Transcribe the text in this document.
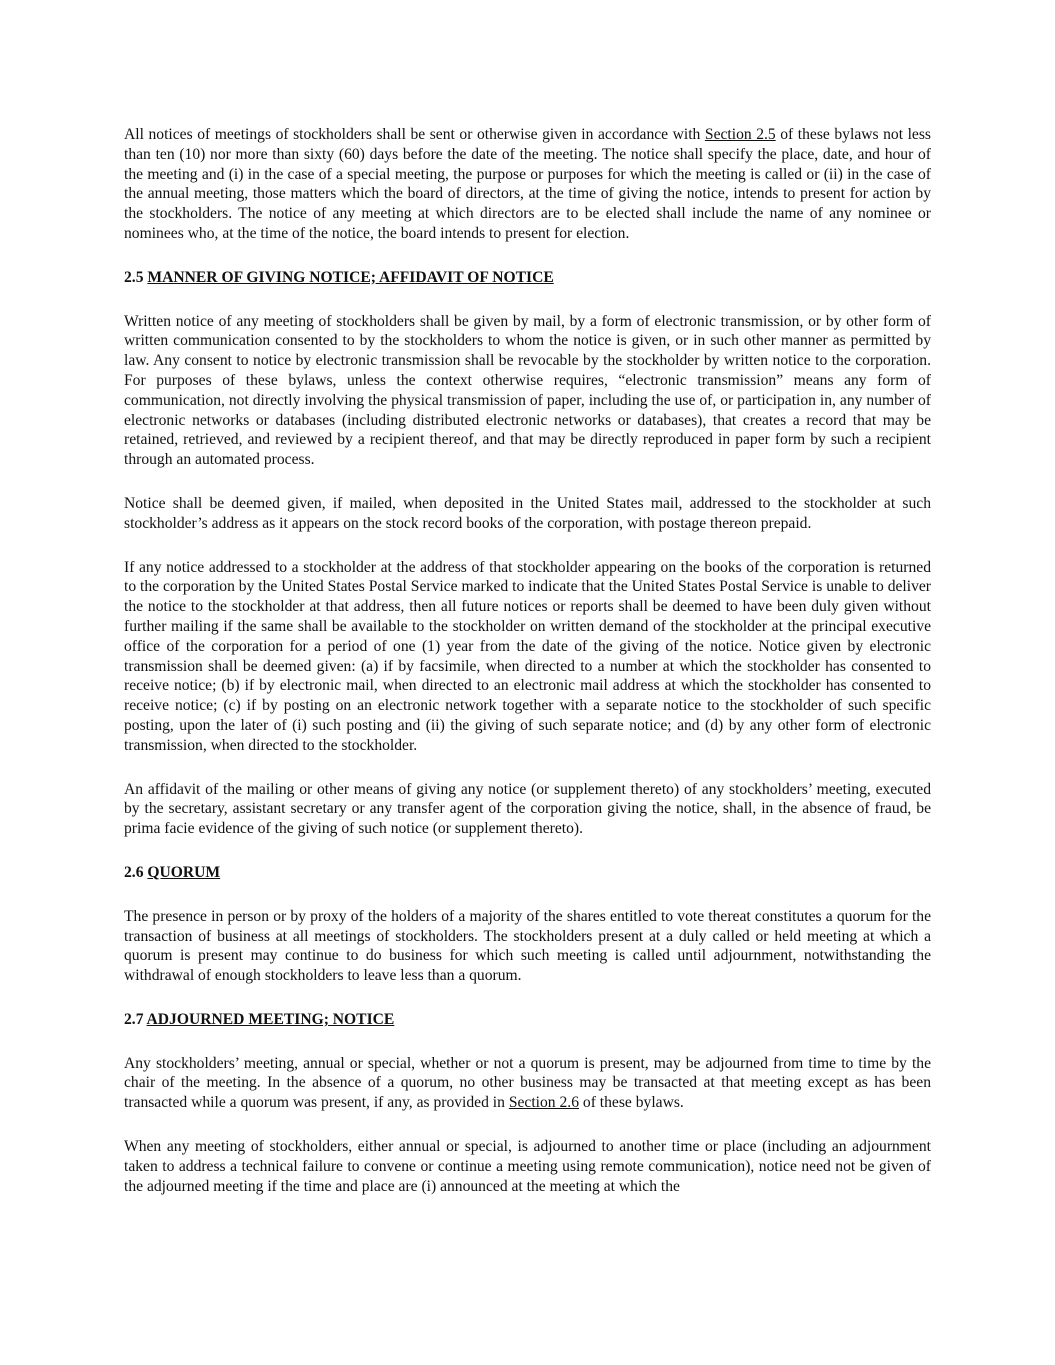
All notices of meetings of stockholders shall be sent or otherwise given in accordance with Section 2.5 of these bylaws not less than ten (10) nor more than sixty (60) days before the date of the meeting. The notice shall specify the place, date, and hour of the meeting and (i) in the case of a special meeting, the purpose or purposes for which the meeting is called or (ii) in the case of the annual meeting, those matters which the board of directors, at the time of giving the notice, intends to present for action by the stockholders. The notice of any meeting at which directors are to be elected shall include the name of any nominee or nominees who, at the time of the notice, the board intends to present for election.

2.5 MANNER OF GIVING NOTICE; AFFIDAVIT OF NOTICE

Written notice of any meeting of stockholders shall be given by mail, by a form of electronic transmission, or by other form of written communication consented to by the stockholders to whom the notice is given, or in such other manner as permitted by law. Any consent to notice by electronic transmission shall be revocable by the stockholder by written notice to the corporation. For purposes of these bylaws, unless the context otherwise requires, “electronic transmission” means any form of communication, not directly involving the physical transmission of paper, including the use of, or participation in, any number of electronic networks or databases (including distributed electronic networks or databases), that creates a record that may be retained, retrieved, and reviewed by a recipient thereof, and that may be directly reproduced in paper form by such a recipient through an automated process.

Notice shall be deemed given, if mailed, when deposited in the United States mail, addressed to the stockholder at such stockholder’s address as it appears on the stock record books of the corporation, with postage thereon prepaid.

If any notice addressed to a stockholder at the address of that stockholder appearing on the books of the corporation is returned to the corporation by the United States Postal Service marked to indicate that the United States Postal Service is unable to deliver the notice to the stockholder at that address, then all future notices or reports shall be deemed to have been duly given without further mailing if the same shall be available to the stockholder on written demand of the stockholder at the principal executive office of the corporation for a period of one (1) year from the date of the giving of the notice. Notice given by electronic transmission shall be deemed given: (a) if by facsimile, when directed to a number at which the stockholder has consented to receive notice; (b) if by electronic mail, when directed to an electronic mail address at which the stockholder has consented to receive notice; (c) if by posting on an electronic network together with a separate notice to the stockholder of such specific posting, upon the later of (i) such posting and (ii) the giving of such separate notice; and (d) by any other form of electronic transmission, when directed to the stockholder.

An affidavit of the mailing or other means of giving any notice (or supplement thereto) of any stockholders’ meeting, executed by the secretary, assistant secretary or any transfer agent of the corporation giving the notice, shall, in the absence of fraud, be prima facie evidence of the giving of such notice (or supplement thereto).

2.6 QUORUM

The presence in person or by proxy of the holders of a majority of the shares entitled to vote thereat constitutes a quorum for the transaction of business at all meetings of stockholders. The stockholders present at a duly called or held meeting at which a quorum is present may continue to do business for which such meeting is called until adjournment, notwithstanding the withdrawal of enough stockholders to leave less than a quorum.

2.7 ADJOURNED MEETING; NOTICE

Any stockholders’ meeting, annual or special, whether or not a quorum is present, may be adjourned from time to time by the chair of the meeting. In the absence of a quorum, no other business may be transacted at that meeting except as has been transacted while a quorum was present, if any, as provided in Section 2.6 of these bylaws.

When any meeting of stockholders, either annual or special, is adjourned to another time or place (including an adjournment taken to address a technical failure to convene or continue a meeting using remote communication), notice need not be given of the adjourned meeting if the time and place are (i) announced at the meeting at which the
